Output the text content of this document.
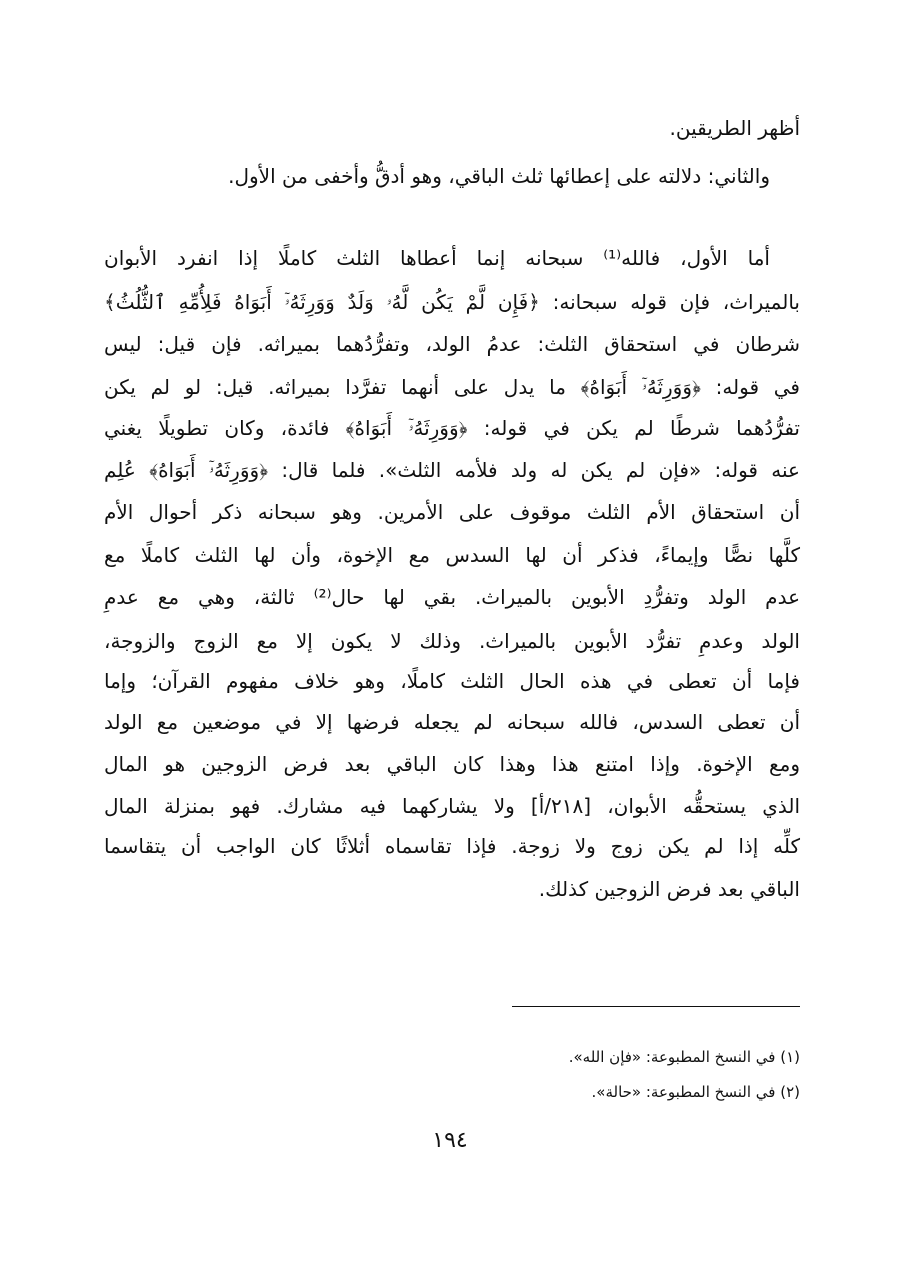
أظهر الطريقين.
والثاني: دلالته على إعطائها ثلث الباقي، وهو أدقُّ وأخفى من الأول.
أما الأول، فالله⁽¹⁾ سبحانه إنما أعطاها الثلث كاملًا إذا انفرد الأبوان
بالميراث، فإن قوله سبحانه: ﴿فَإِن لَّمْ يَكُن لَّهُۥ وَلَدٌ وَوَرِثَهُۥٓ أَبَوَاهُ فَلِأُمِّهِ ٱلثُّلُثُ﴾
شرطان في استحقاق الثلث: عدمُ الولد، وتفرُّدُهما بميراثه. فإن قيل: ليس
في قوله: ﴿وَوَرِثَهُۥٓ أَبَوَاهُ﴾ ما يدل على أنهما تفرَّدا بميراثه. قيل: لو لم يكن
تفرُّدُهما شرطًا لم يكن في قوله: ﴿وَوَرِثَهُۥٓ أَبَوَاهُ﴾ فائدة، وكان تطويلًا يغني
عنه قوله: «فإن لم يكن له ولد فلأمه الثلث». فلما قال: ﴿وَوَرِثَهُۥٓ أَبَوَاهُ﴾ عُلِم
أن استحقاق الأم الثلث موقوف على الأمرين. وهو سبحانه ذكر أحوال الأم
كلَّها نصًّا وإيماءً، فذكر أن لها السدس مع الإخوة، وأن لها الثلث كاملًا مع
عدم الولد وتفرُّدِ الأبوين بالميراث. بقي لها حال⁽²⁾ ثالثة، وهي مع عدمِ
الولد وعدمِ تفرُّد الأبوين بالميراث. وذلك لا يكون إلا مع الزوج والزوجة،
فإما أن تعطى في هذه الحال الثلث كاملًا، وهو خلاف مفهوم القرآن؛ وإما
أن تعطى السدس، فالله سبحانه لم يجعله فرضها إلا في موضعين مع الولد
ومع الإخوة. وإذا امتنع هذا وهذا كان الباقي بعد فرض الزوجين هو المال
الذي يستحقُّه الأبوان، [٢١٨/أ] ولا يشاركهما فيه مشارك. فهو بمنزلة المال
كلِّه إذا لم يكن زوج ولا زوجة. فإذا تقاسماه أثلاثًا كان الواجب أن يتقاسما
الباقي بعد فرض الزوجين كذلك.
(١) في النسخ المطبوعة: «فإن الله».
(٢) في النسخ المطبوعة: «حالة».
١٩٤
